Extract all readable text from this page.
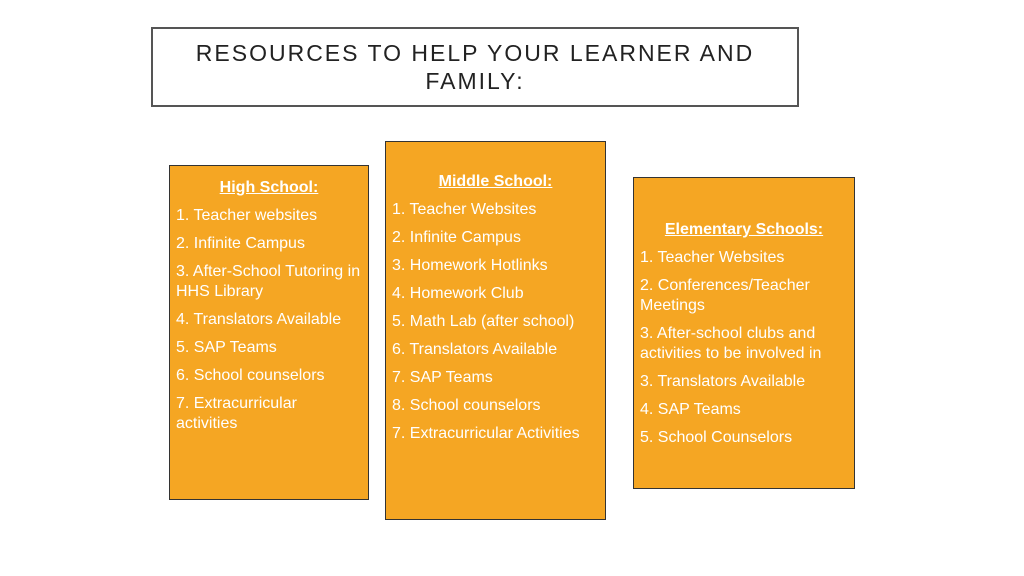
RESOURCES TO HELP YOUR LEARNER AND FAMILY:
High School:
1. Teacher websites
2. Infinite Campus
3. After-School Tutoring in HHS Library
4. Translators Available
5. SAP Teams
6. School counselors
7. Extracurricular activities
Middle School:
1. Teacher Websites
2. Infinite Campus
3. Homework Hotlinks
4. Homework Club
5. Math Lab (after school)
6. Translators Available
7. SAP Teams
8. School counselors
7. Extracurricular Activities
Elementary Schools:
1. Teacher Websites
2. Conferences/Teacher Meetings
3. After-school clubs and activities to be involved in
3. Translators Available
4. SAP Teams
5. School Counselors
